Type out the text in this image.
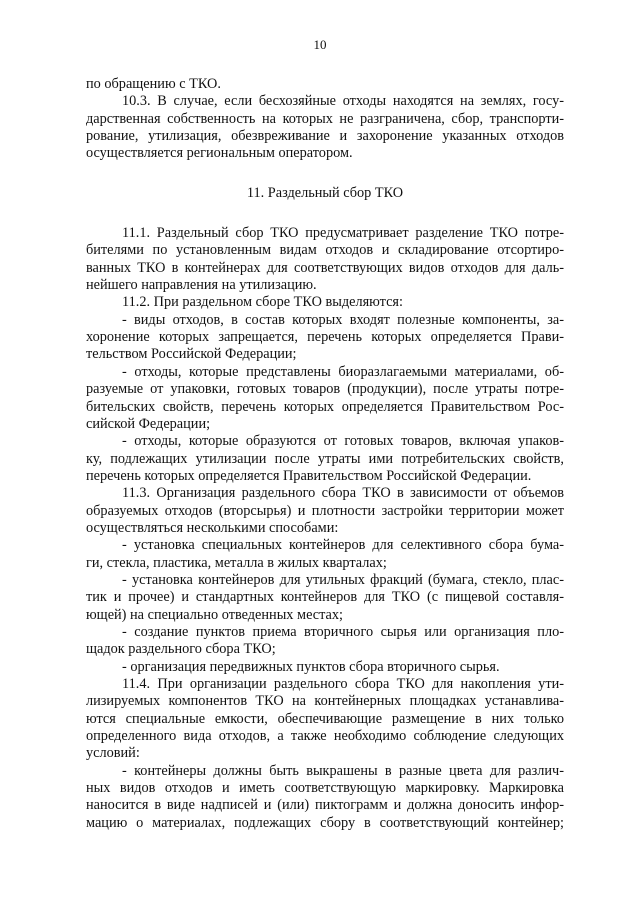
10

по обращению с ТКО.

10.3. В случае, если бесхозяйные отходы находятся на землях, госу-

дарственная собственность на которых не разграничена, сбор, транспорти-

рование, утилизация, обезвреживание и захоронение указанных отходов

осуществляется региональным оператором.

11. Раздельный сбор ТКО

11.1. Раздельный сбор ТКО предусматривает разделение ТКО потре-

бителями по установленным видам отходов и складирование отсортиро-

ванных ТКО в контейнерах для соответствующих видов отходов для даль-

нейшего направления на утилизацию.

11.2. При раздельном сборе ТКО выделяются:

- виды отходов, в состав которых входят полезные компоненты, за-

хоронение которых запрещается, перечень которых определяется Прави-

тельством Российской Федерации;

- отходы, которые представлены биоразлагаемыми материалами, об-

разуемые от упаковки, готовых товаров (продукции), после утраты потре-

бительских свойств, перечень которых определяется Правительством Рос-

сийской Федерации;

- отходы, которые образуются от готовых товаров, включая упаков-

ку, подлежащих утилизации после утраты ими потребительских свойств,

перечень которых определяется Правительством Российской Федерации.

11.3. Организация раздельного сбора ТКО в зависимости от объемов

образуемых отходов (вторсырья) и плотности застройки территории может

осуществляться несколькими способами:

- установка специальных контейнеров для селективного сбора бума-

ги, стекла, пластика, металла в жилых кварталах;

- установка контейнеров для утильных фракций (бумага, стекло, плас-

тик и прочее) и стандартных контейнеров для ТКО (с пищевой составля-

ющей) на специально отведенных местах;

- создание пунктов приема вторичного сырья или организация пло-

щадок раздельного сбора ТКО;

- организация передвижных пунктов сбора вторичного сырья.

11.4. При организации раздельного сбора ТКО для накопления ути-

лизируемых компонентов ТКО на контейнерных площадках устанавлива-

ются специальные емкости, обеспечивающие размещение в них только

определенного вида отходов, а также необходимо соблюдение следующих

условий:

- контейнеры должны быть выкрашены в разные цвета для различ-

ных видов отходов и иметь соответствующую маркировку. Маркировка

наносится в виде надписей и (или) пиктограмм и должна доносить инфор-

мацию о материалах, подлежащих сбору в соответствующий контейнер;
